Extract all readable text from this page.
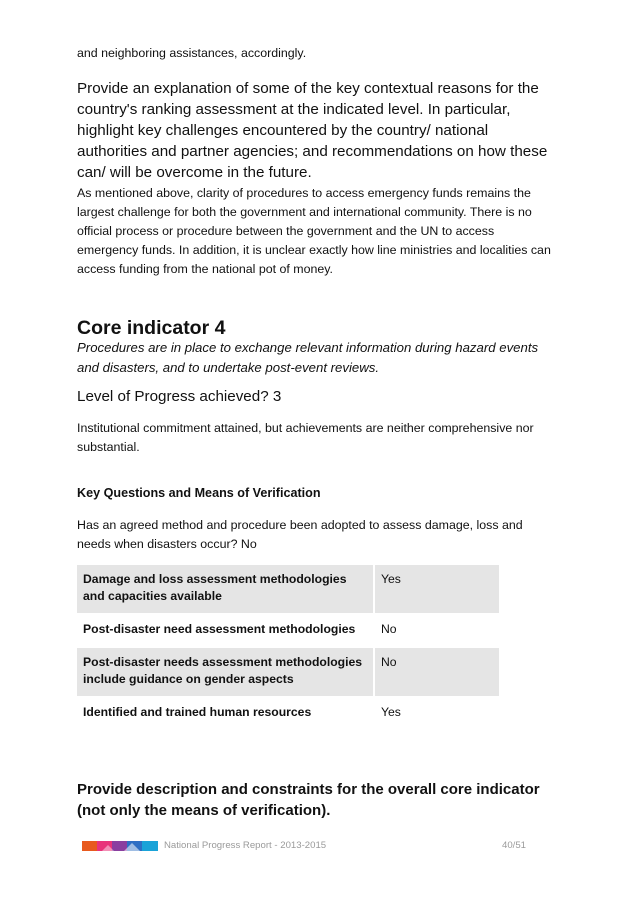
and neighboring assistances, accordingly.

Provide an explanation of some of the key contextual reasons for the country's ranking assessment at the indicated level. In particular, highlight key challenges encountered by the country/ national authorities and partner agencies; and recommendations on how these can/ will be overcome in the future.

As mentioned above, clarity of procedures to access emergency funds remains the largest challenge for both the government and international community. There is no official process or procedure between the government and the UN to access emergency funds. In addition, it is unclear exactly how line ministries and localities can access funding from the national pot of money.

Core indicator 4

Procedures are in place to exchange relevant information during hazard events and disasters, and to undertake post-event reviews.

Level of Progress achieved? 3

Institutional commitment attained, but achievements are neither comprehensive nor substantial.

Key Questions and Means of Verification

Has an agreed method and procedure been adopted to assess damage, loss and needs when disasters occur? No

Damage and loss assessment methodologies and capacities available	Yes
Post-disaster need assessment methodologies	No
Post-disaster needs assessment methodologies include guidance on gender aspects	No
Identified and trained human resources	Yes
Provide description and constraints for the overall core indicator (not only the means of verification).
National Progress Report - 2013-2015	40/51
